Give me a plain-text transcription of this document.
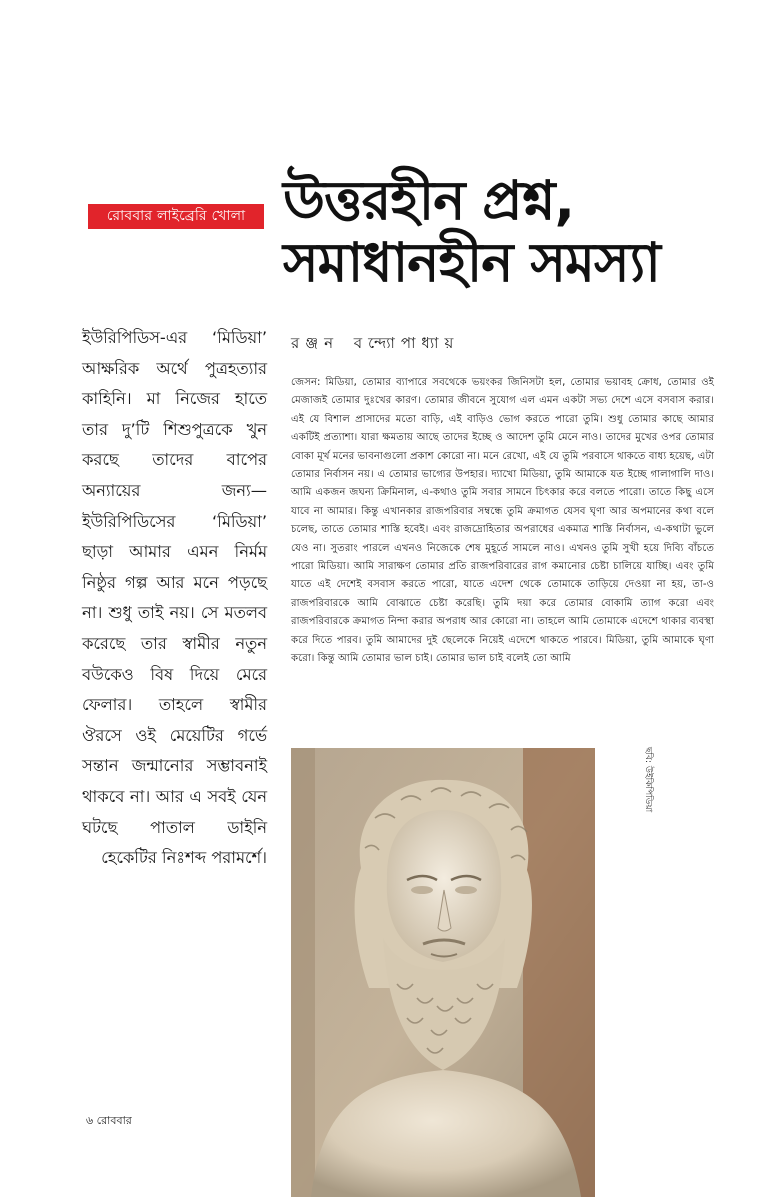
রোববার লাইব্রেরি খোলা উত্তরহীন প্রশ্ন,
সমাধানহীন সমস্যা
রঞ্জন বন্দ্যোপাধ্যায়

ইউরিপিডিস-এর ‘মিডিয়া’ আক্ষরিক অর্থে পুত্রহত্যার কাহিনি। মা নিজের হাতে তার দু’টি শিশুপুত্রকে খুন করছে তাদের বাপের অন্যায়ের জন্য— ইউরিপিডিসের ‘মিডিয়া’ ছাড়া আমার এমন নির্মম নিষ্ঠুর গল্প আর মনে পড়ছে না। শুধু তাই নয়। সে মতলব করেছে তার স্বামীর নতুন বউকেও বিষ দিয়ে মেরে ফেলার। তাহলে স্বামীর ঔরসে ওই মেয়েটির গর্ভে সন্তান জন্মানোর সম্ভাবনাই থাকবে না। আর এ সবই যেন ঘটছে পাতাল ডাইনি হেকেটির নিঃশব্দ পরামর্শে।

জেসন: মিডিয়া, তোমার ব্যাপারে সবথেকে ভয়ংকর জিনিসটা হল, তোমার ভয়াবহ ক্রোধ, তোমার ওই মেজাজই তোমার দুঃখের কারণ। তোমার জীবনে সুযোগ এল এমন একটা সভ্য দেশে এসে বসবাস করার। এই যে বিশাল প্রাসাদের মতো বাড়ি, এই বাড়িও ভোগ করতে পারো তুমি। শুধু তোমার কাছে আমার একটিই প্রত্যাশা। যারা ক্ষমতায় আছে তাদের ইচ্ছে ও আদেশ তুমি মেনে নাও। তাদের মুখের ওপর তোমার বোকা মূর্খ মনের ভাবনাগুলো প্রকাশ কোরো না। মনে রেখো, এই যে তুমি পরবাসে থাকতে বাধ্য হয়েছ, এটা তোমার নির্বাসন নয়। এ তোমার ভাগ্যের উপহার। দ্যাখো মিডিয়া, তুমি আমাকে যত ইচ্ছে গালাগালি দাও। আমি একজন জঘন্য ক্রিমিনাল, এ-কথাও তুমি সবার সামনে চিৎকার করে বলতে পারো। তাতে কিছু এসে যাবে না আমার। কিন্তু এখানকার রাজপরিবার সম্বন্ধে তুমি ক্রমাগত যেসব ঘৃণা আর অপমানের কথা বলে চলেছ, তাতে তোমার শাস্তি হবেই। এবং রাজদ্রোহিতার অপরাধের একমাত্র শাস্তি নির্বাসন, এ-কথাটা ভুলে যেও না। সুতরাং পারলে এখনও নিজেকে শেষ মুহূর্তে সামলে নাও। এখনও তুমি সুখী হয়ে দিব্যি বাঁচতে পারো মিডিয়া। আমি সারাক্ষণ তোমার প্রতি রাজপরিবারের রাগ কমানোর চেষ্টা চালিয়ে যাচ্ছি। এবং তুমি যাতে এই দেশেই বসবাস করতে পারো, যাতে এদেশ থেকে তোমাকে তাড়িয়ে দেওয়া না হয়, তা-ও রাজপরিবারকে আমি বোঝাতে চেষ্টা করেছি। তুমি দয়া করে তোমার বোকামি ত্যাগ করো এবং রাজপরিবারকে ক্রমাগত নিন্দা করার অপরাধ আর কোরো না। তাহলে আমি তোমাকে এদেশে থাকার ব্যবস্থা করে দিতে পারব। তুমি আমাদের দুই ছেলেকে নিয়েই এদেশে থাকতে পারবে। মিডিয়া, তুমি আমাকে ঘৃণা করো। কিন্তু আমি তোমার ভাল চাই। তোমার ভাল চাই বলেই তো আমি

ছবি: উইকিপিডিয়া
৬ রোববার
